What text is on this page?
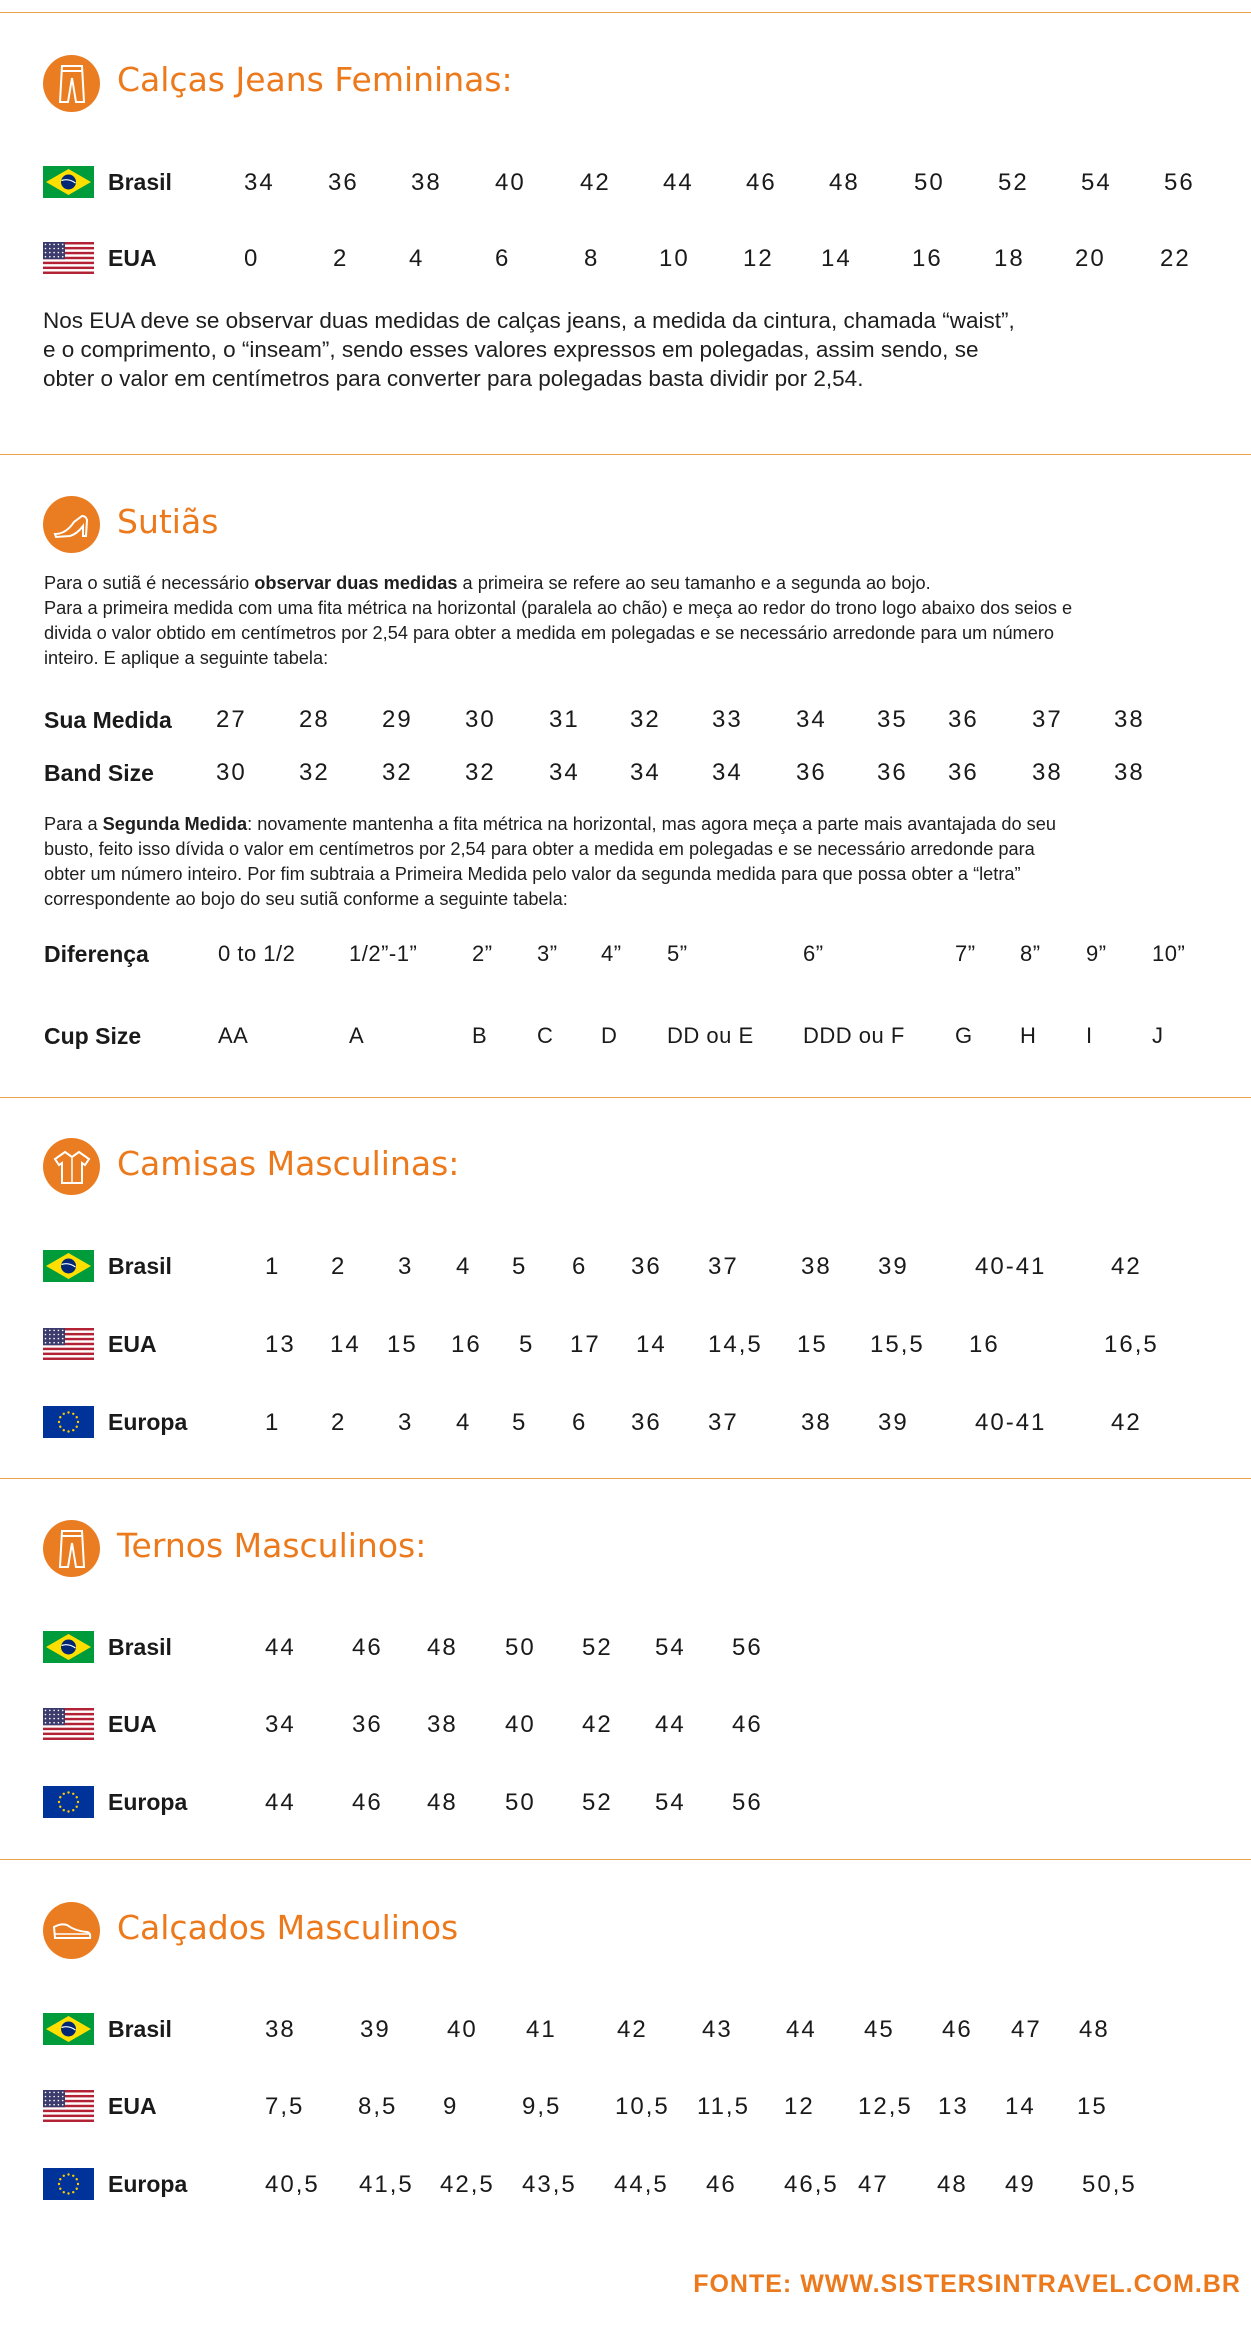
Calças Jeans Femininas:
Brasil	34 36 38 40 42 44 46 48 50 52 54 56
EUA	0	2	4	6	8 10 12 14	16 18 20 22
Nos EUA deve se observar duas medidas de calças jeans, a medida da cintura, chamada “waist”,
e o comprimento, o “inseam”, sendo esses valores expressos em polegadas, assim sendo, se
obter o valor em centímetros para converter para polegadas basta dividir por 2,54.
Sutiãs
Para o sutiã é necessário observar duas medidas a primeira se refere ao seu tamanho e a segunda ao bojo.
Para a primeira medida com uma fita métrica na horizontal (paralela ao chão) e meça ao redor do trono logo abaixo dos seios e
divida o valor obtido em centímetros por 2,54 para obter a medida em polegadas e se necessário arredonde para um número
inteiro. E aplique a seguinte tabela:
Sua Medida 27 28 29 30 31 32 33 34 35 36 37 38
Band Size	30 32 32 32 34 34 34 36 36 36 38 38
Para a Segunda Medida: novamente mantenha a fita métrica na horizontal, mas agora meça a parte mais avantajada do seu
busto, feito isso dívida o valor em centímetros por 2,54 para obter a medida em polegadas e se necessário arredonde para
obter um número inteiro. Por fim subtraia a Primeira Medida pelo valor da segunda medida para que possa obter a “letra”
correspondente ao bojo do seu sutiã conforme a seguinte tabela:
Diferença	0 to 1/2 1/2”-1” 2” 3” 4” 5”	6”	7” 8” 9” 10”
Cup Size	AA	A	B C D DD ou E DDD ou F G H I	J
Camisas Masculinas:
Brasil	1 2 3 4 5 6 36 37	38 39	40-41	42
EUA	13 14 15 16 5 17 14 14,5 15 15,5 16	16,5
Europa	1 2 3 4 5 6 36 37	38 39	40-41	42
Ternos Masculinos:
Brasil	44 46 48 50 52 54 56
EUA	34 36 38 40 42 44 46
Europa	44 46 48 50 52 54 56
Calçados Masculinos
Brasil	38	39 40 41	42 43 44 45 46 47 48
EUA	7,5 8,5 9	9,5 10,5 11,5 12 12,5 13 14 15
Europa	40,5 41,5 42,5 43,5 44,5 46 46,5 47 48 49 50,5
FONTE: WWW.SISTERSINTRAVEL.COM.BR
